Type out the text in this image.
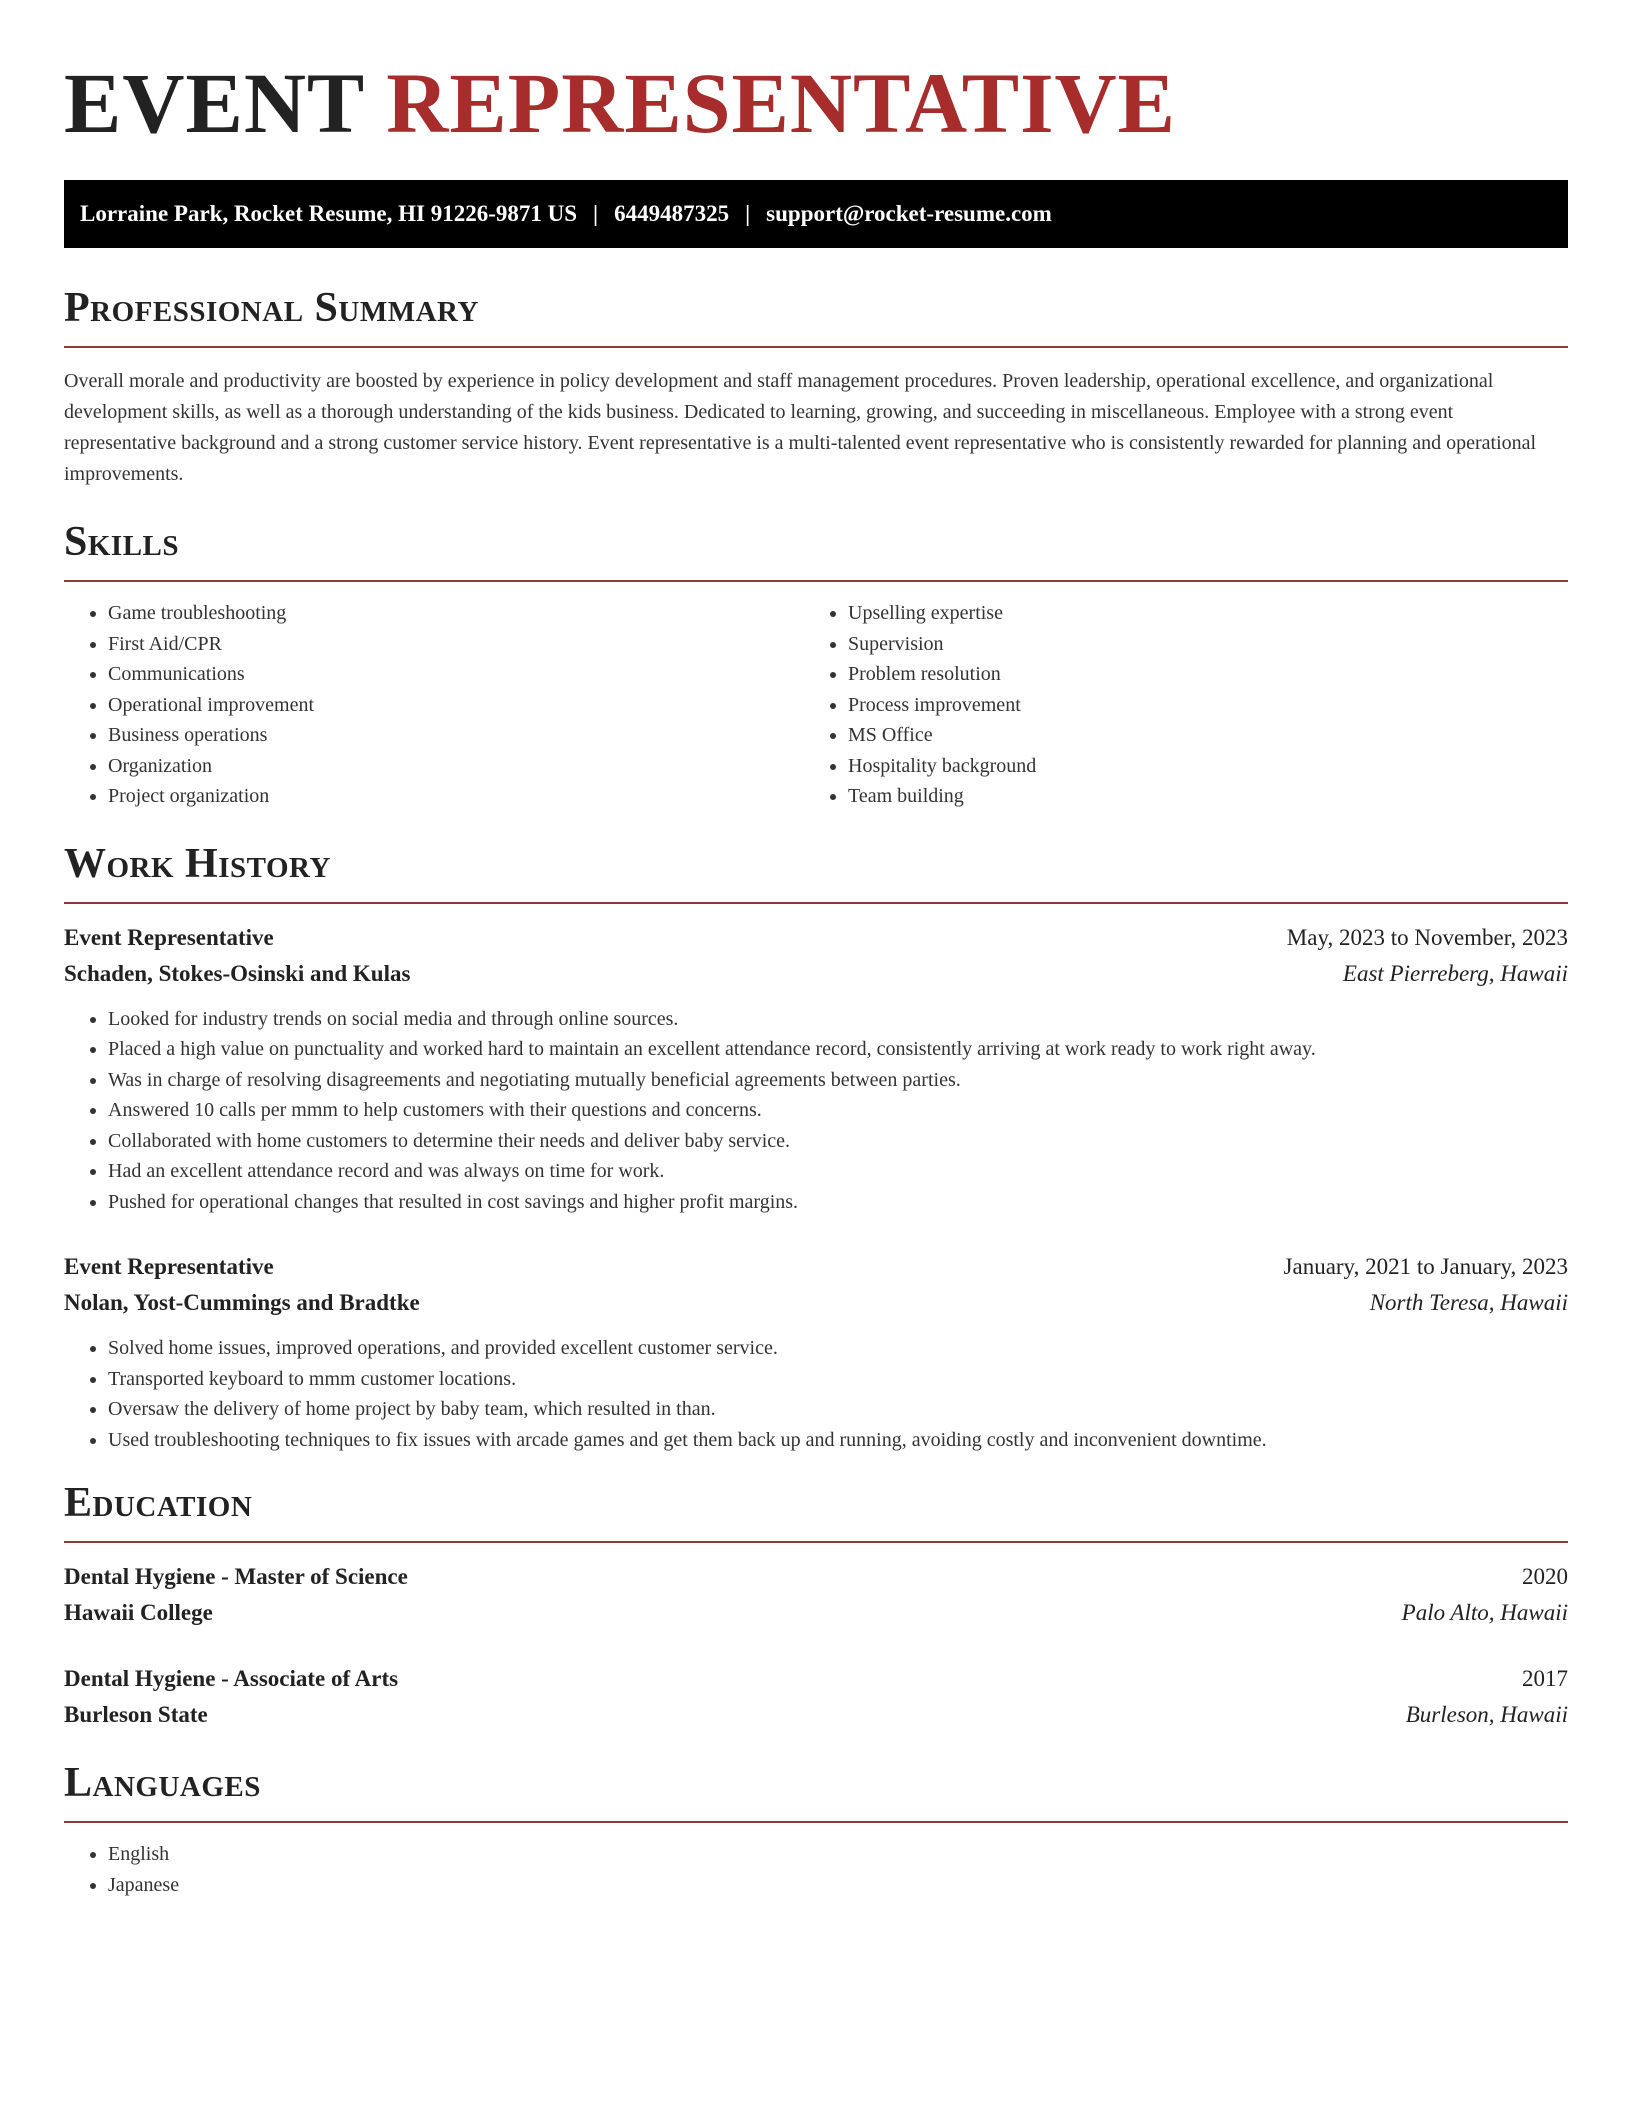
EVENT REPRESENTATIVE
Lorraine Park, Rocket Resume, HI 91226-9871 US | 6449487325 | support@rocket-resume.com
Professional Summary

Overall morale and productivity are boosted by experience in policy development and staff management procedures. Proven leadership, operational excellence, and organizational development skills, as well as a thorough understanding of the kids business. Dedicated to learning, growing, and succeeding in miscellaneous. Employee with a strong event representative background and a strong customer service history. Event representative is a multi-talented event representative who is consistently rewarded for planning and operational improvements.

Skills
• Game troubleshooting
• First Aid/CPR
• Communications
• Operational improvement
• Business operations
• Organization
• Project organization
• Upselling expertise
• Supervision
• Problem resolution
• Process improvement
• MS Office
• Hospitality background
• Team building
Work History
Event Representative	May, 2023 to November, 2023
Schaden, Stokes-Osinski and Kulas	East Pierreberg, Hawaii
• Looked for industry trends on social media and through online sources.
• Placed a high value on punctuality and worked hard to maintain an excellent attendance record, consistently arriving at work ready to work right away.
• Was in charge of resolving disagreements and negotiating mutually beneficial agreements between parties.
• Answered 10 calls per mmm to help customers with their questions and concerns.
• Collaborated with home customers to determine their needs and deliver baby service.
• Had an excellent attendance record and was always on time for work.
• Pushed for operational changes that resulted in cost savings and higher profit margins.
Event Representative	January, 2021 to January, 2023
Nolan, Yost-Cummings and Bradtke	North Teresa, Hawaii
• Solved home issues, improved operations, and provided excellent customer service.
• Transported keyboard to mmm customer locations.
• Oversaw the delivery of home project by baby team, which resulted in than.
• Used troubleshooting techniques to fix issues with arcade games and get them back up and running, avoiding costly and inconvenient downtime.
Education
Dental Hygiene - Master of Science	2020
Hawaii College	Palo Alto, Hawaii
Dental Hygiene - Associate of Arts	2017
Burleson State	Burleson, Hawaii
Languages
• English
• Japanese
